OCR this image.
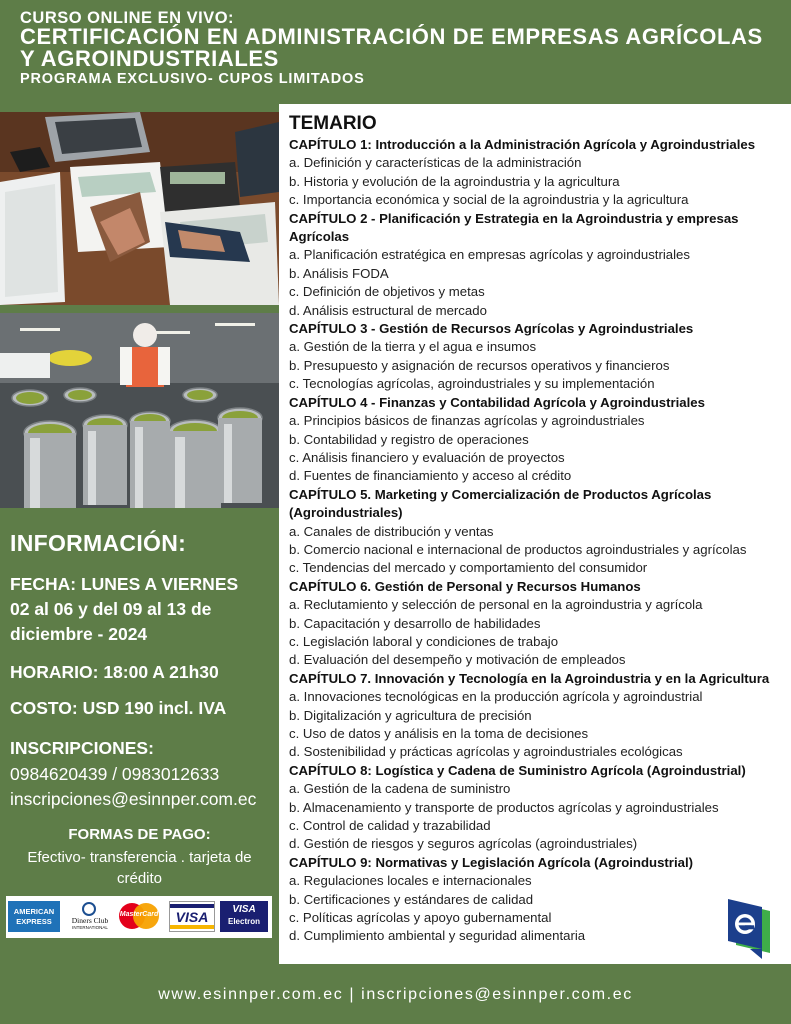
CURSO ONLINE EN VIVO:
CERTIFICACIÓN EN ADMINISTRACIÓN DE EMPRESAS AGRÍCOLAS Y AGROINDUSTRIALES
PROGRAMA EXCLUSIVO- CUPOS LIMITADOS
INFORMACIÓN:
FECHA: LUNES A VIERNES
02 al 06 y del 09 al 13 de
diciembre - 2024
HORARIO: 18:00 A 21h30
COSTO: USD 190 incl. IVA
INSCRIPCIONES:
0984620439 / 0983012633
inscripciones@esinnper.com.ec
FORMAS DE PAGO:
Efectivo- transferencia . tarjeta de crédito
AMERICAN EXPRESS	Diners Club
INTERNATIONAL
MasterCard	VISA	VISA
Electron
TEMARIO
CAPÍTULO 1: Introducción a la Administración Agrícola y Agroindustriales
a. Definición y características de la administración
b. Historia y evolución de la agroindustria y la agricultura
c. Importancia económica y social de la agroindustria y la agricultura
CAPÍTULO 2 - Planificación y Estrategia en la Agroindustria y empresas Agrícolas
a. Planificación estratégica en empresas agrícolas y agroindustriales
b. Análisis FODA
c. Definición de objetivos y metas
d. Análisis estructural de mercado
CAPÍTULO 3 - Gestión de Recursos Agrícolas y Agroindustriales
a. Gestión de la tierra y el agua e insumos
b. Presupuesto y asignación de recursos operativos y financieros
c. Tecnologías agrícolas, agroindustriales y su implementación
CAPÍTULO 4 - Finanzas y Contabilidad Agrícola y Agroindustriales
a. Principios básicos de finanzas agrícolas y agroindustriales
b. Contabilidad y registro de operaciones
c. Análisis financiero y evaluación de proyectos
d. Fuentes de financiamiento y acceso al crédito
CAPÍTULO 5. Marketing y Comercialización de Productos Agrícolas (Agroindustriales)
a. Canales de distribución y ventas
b. Comercio nacional e internacional de productos agroindustriales y agrícolas
c. Tendencias del mercado y comportamiento del consumidor
CAPÍTULO 6. Gestión de Personal y Recursos Humanos
a. Reclutamiento y selección de personal en la agroindustria y agrícola
b. Capacitación y desarrollo de habilidades
c. Legislación laboral y condiciones de trabajo
d. Evaluación del desempeño y motivación de empleados
CAPÍTULO 7. Innovación y Tecnología en la Agroindustria y en la Agricultura
a. Innovaciones tecnológicas en la producción agrícola y agroindustrial
b. Digitalización y agricultura de precisión
c. Uso de datos y análisis en la toma de decisiones
d. Sostenibilidad y prácticas agrícolas y agroindustriales ecológicas
CAPÍTULO 8: Logística y Cadena de Suministro Agrícola (Agroindustrial)
a. Gestión de la cadena de suministro
b. Almacenamiento y transporte de productos agrícolas y agroindustriales
c. Control de calidad y trazabilidad
d. Gestión de riesgos y seguros agrícolas (agroindustriales)
CAPÍTULO 9: Normativas y Legislación Agrícola (Agroindustrial)
a. Regulaciones locales e internacionales
b. Certificaciones y estándares de calidad
c. Políticas agrícolas y apoyo gubernamental
d. Cumplimiento ambiental y seguridad alimentaria
www.esinnper.com.ec | inscripciones@esinnper.com.ec
